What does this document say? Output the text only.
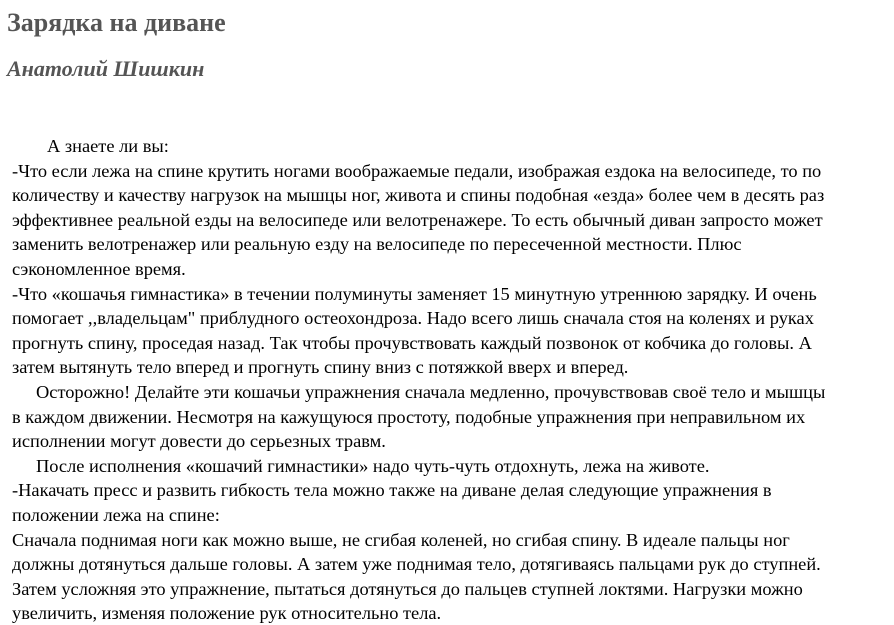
Зарядка на диване
Анатолий Шишкин
А знаете ли вы:
-Что если лежа на спине крутить ногами воображаемые педали, изображая ездока на велосипеде, то по
количеству и качеству нагрузок на мышцы ног, живота и спины подобная «езда» более чем в десять раз
эффективнее реальной езды на велосипеде или велотренажере. То есть обычный диван запросто может
заменить велотренажер или реальную езду на велосипеде по пересеченной местности. Плюс
сэкономленное время.
-Что «кошачья гимнастика» в течении полуминуты заменяет 15 минутную утреннюю зарядку. И очень
помогает ,,владельцам" приблудного остеохондроза. Надо всего лишь сначала стоя на коленях и руках
прогнуть спину, проседая назад. Так чтобы прочувствовать каждый позвонок от кобчика до головы. А
затем вытянуть тело вперед и прогнуть спину вниз с потяжкой вверх и вперед.
Осторожно! Делайте эти кошачьи упражнения сначала медленно, прочувствовав своё тело и мышцы
в каждом движении. Несмотря на кажущуюся простоту, подобные упражнения при неправильном их
исполнении могут довести до серьезных травм.
После исполнения «кошачий гимнастики» надо чуть-чуть отдохнуть, лежа на животе.
-Накачать пресс и развить гибкость тела можно также на диване делая следующие упражнения в
положении лежа на спине:
Сначала поднимая ноги как можно выше, не сгибая коленей, но сгибая спину. В идеале пальцы ног
должны дотянуться дальше головы. А затем уже поднимая тело, дотягиваясь пальцами рук до ступней.
Затем усложняя это упражнение, пытаться дотянуться до пальцев ступней локтями. Нагрузки можно
увеличить, изменяя положение рук относительно тела.
